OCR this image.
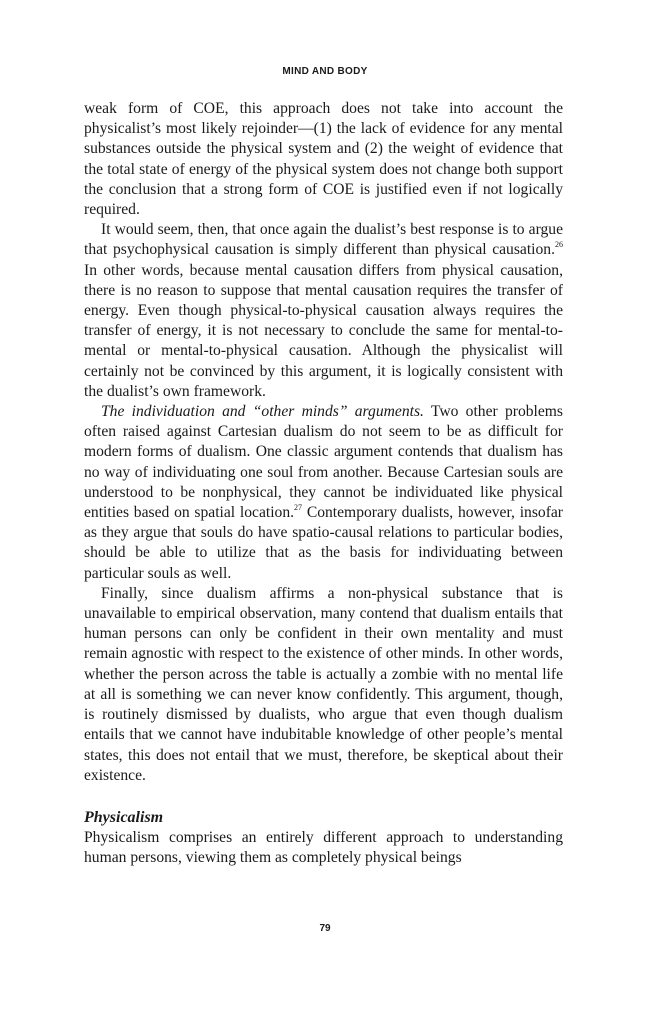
MIND AND BODY

weak form of COE, this approach does not take into account the physicalist’s most likely rejoinder—(1) the lack of evidence for any mental substances outside the physical system and (2) the weight of evidence that the total state of energy of the physical system does not change both support the conclusion that a strong form of COE is justified even if not logically required.

It would seem, then, that once again the dualist’s best response is to argue that psychophysical causation is simply different than physical causation.$^{26}$ In other words, because mental causation differs from physical causation, there is no reason to suppose that mental causation requires the transfer of energy. Even though physical-to-physical causation always requires the transfer of energy, it is not necessary to conclude the same for mental-to-mental or mental-to-physical causation. Although the physicalist will certainly not be convinced by this argument, it is logically consistent with the dualist’s own framework.

The individuation and “other minds” arguments. Two other problems often raised against Cartesian dualism do not seem to be as difficult for modern forms of dualism. One classic argument contends that dualism has no way of individuating one soul from another. Because Cartesian souls are understood to be nonphysical, they cannot be individuated like physical entities based on spatial location.$^{27}$ Contemporary dualists, however, insofar as they argue that souls do have spatio-causal relations to particular bodies, should be able to utilize that as the basis for individuating between particular souls as well.

Finally, since dualism affirms a non-physical substance that is unavailable to empirical observation, many contend that dualism entails that human persons can only be confident in their own mentality and must remain agnostic with respect to the existence of other minds. In other words, whether the person across the table is actually a zombie with no mental life at all is something we can never know confidently. This argument, though, is routinely dismissed by dualists, who argue that even though dualism entails that we cannot have indubitable knowledge of other people’s mental states, this does not entail that we must, therefore, be skeptical about their existence.

Physicalism

Physicalism comprises an entirely different approach to understanding human persons, viewing them as completely physical beings

79
